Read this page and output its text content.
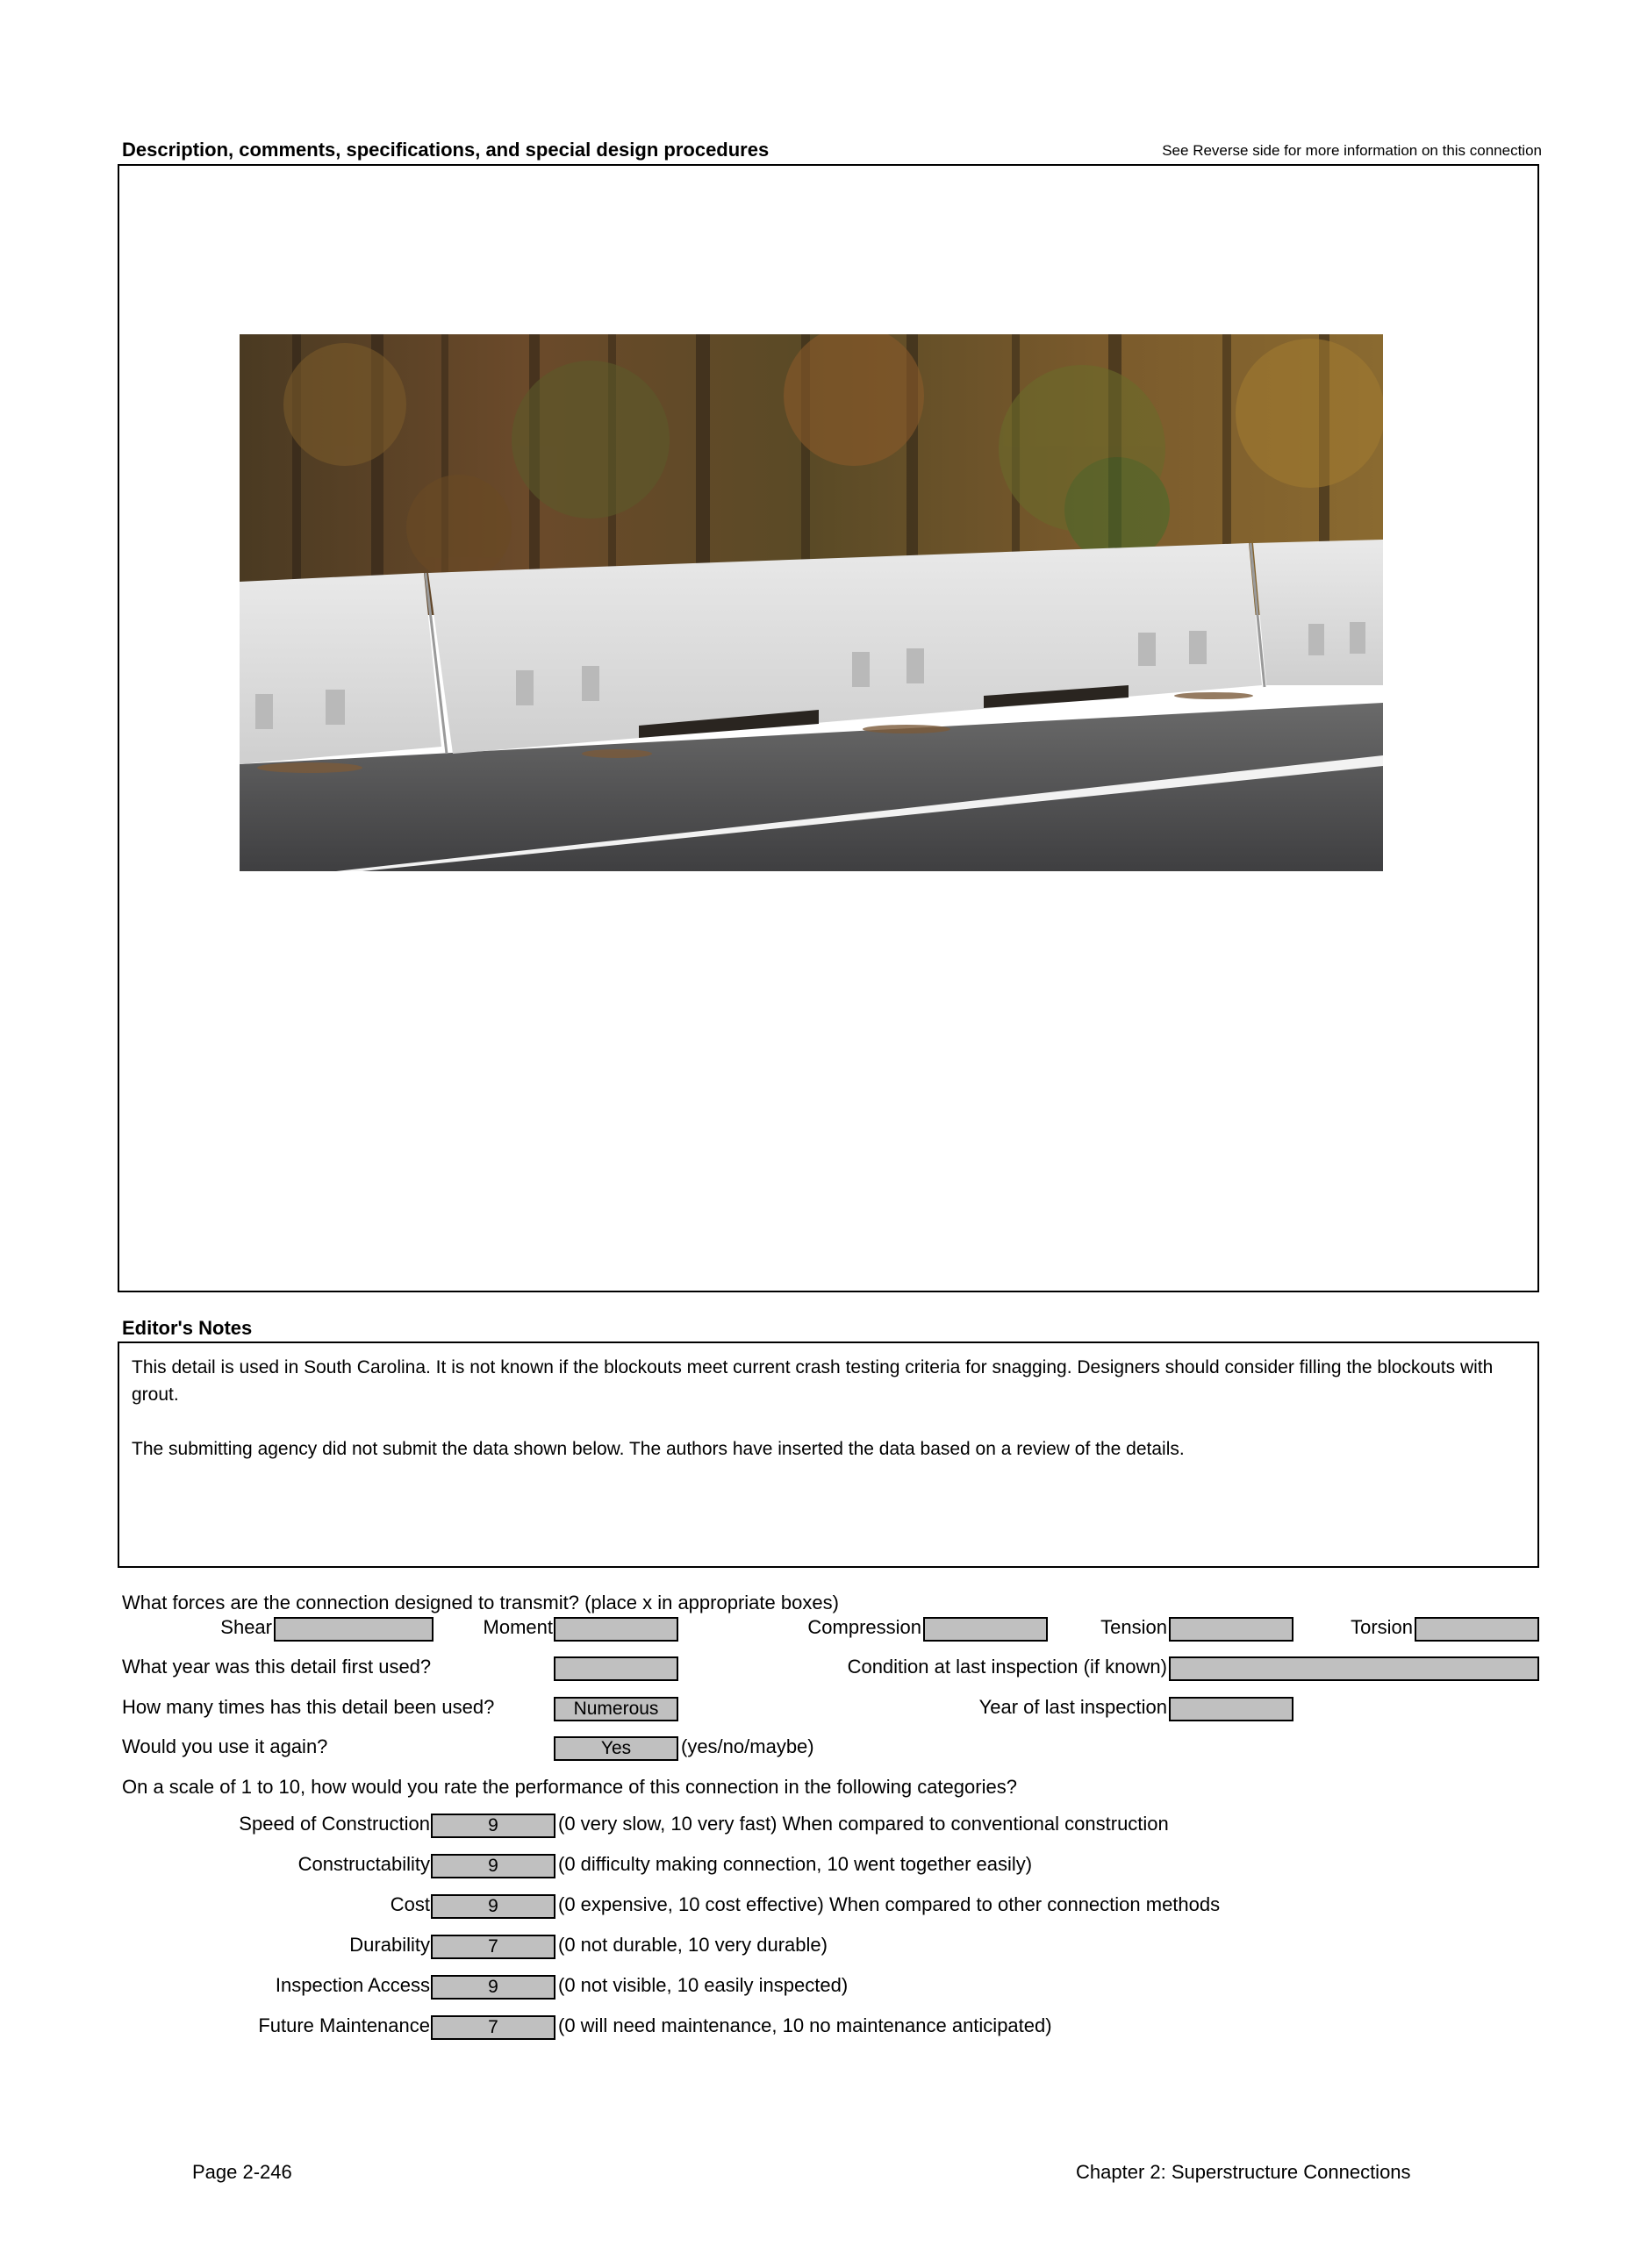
Description, comments, specifications, and special design procedures	See Reverse side for more information on this connection
Editor's Notes

This detail is used in South Carolina. It is not known if the blockouts meet current crash testing criteria for snagging. Designers should consider filling the blockouts with grout.

The submitting agency did not submit the data shown below. The authors have inserted the data based on a review of the details.

What forces are the connection designed to transmit? (place x in appropriate boxes)
Shear	Moment	Compression	Tension	Torsion
What year was this detail first used?	Condition at last inspection (if known)
How many times has this detail been used?	Numerous	Year of last inspection
Would you use it again?	Yes	(yes/no/maybe)
On a scale of 1 to 10, how would you rate the performance of this connection in the following categories?
Speed of Construction	9	(0 very slow, 10 very fast) When compared to conventional construction
Constructability	9	(0 difficulty making connection, 10 went together easily)
Cost	9	(0 expensive, 10 cost effective) When compared to other connection methods
Durability	7	(0 not durable, 10 very durable)
Inspection Access	9	(0 not visible, 10 easily inspected)
Future Maintenance	7	(0 will need maintenance, 10 no maintenance anticipated)
Page 2-246	Chapter 2: Superstructure Connections
